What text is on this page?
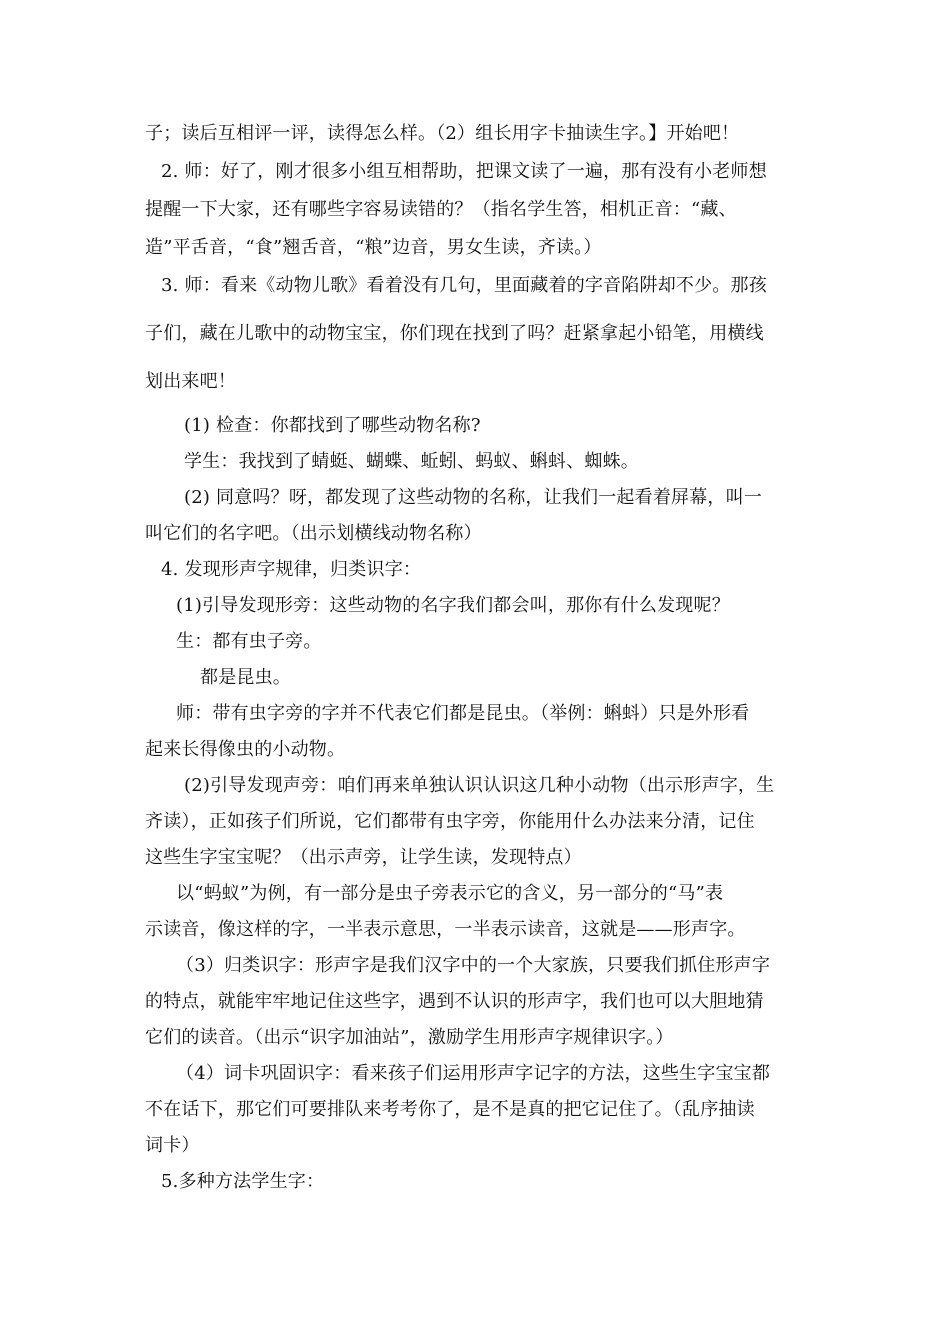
子；读后互相评一评，读得怎么样。（2）组长用字卡抽读生字。】开始吧！
2. 师：好了，刚才很多小组互相帮助，把课文读了一遍，那有没有小老师想
提醒一下大家，还有哪些字容易读错的？（指名学生答，相机正音：“藏、
造”平舌音，“食”翘舌音，“粮”边音，男女生读，齐读。）
3. 师：看来《动物儿歌》看着没有几句，里面藏着的字音陷阱却不少。那孩
子们，藏在儿歌中的动物宝宝，你们现在找到了吗？赶紧拿起小铅笔，用横线
划出来吧！
(1) 检查：你都找到了哪些动物名称?
学生：我找到了蜻蜓、蝴蝶、蚯蚓、蚂蚁、蝌蚪、蜘蛛。
(2) 同意吗？呀，都发现了这些动物的名称，让我们一起看着屏幕，叫一
叫它们的名字吧。（出示划横线动物名称）
4. 发现形声字规律，归类识字：
(1)引导发现形旁：这些动物的名字我们都会叫，那你有什么发现呢？
生：都有虫子旁。
都是昆虫。
师：带有虫字旁的字并不代表它们都是昆虫。（举例：蝌蚪）只是外形看
起来长得像虫的小动物。
(2)引导发现声旁：咱们再来单独认识认识这几种小动物（出示形声字，生
齐读），正如孩子们所说，它们都带有虫字旁，你能用什么办法来分清，记住
这些生字宝宝呢？（出示声旁，让学生读，发现特点）
以“蚂蚁”为例，有一部分是虫子旁表示它的含义，另一部分的“马”表
示读音，像这样的字，一半表示意思，一半表示读音，这就是——形声字。
（3）归类识字：形声字是我们汉字中的一个大家族，只要我们抓住形声字
的特点，就能牢牢地记住这些字，遇到不认识的形声字，我们也可以大胆地猜
它们的读音。（出示“识字加油站”，激励学生用形声字规律识字。）
（4）词卡巩固识字：看来孩子们运用形声字记字的方法，这些生字宝宝都
不在话下，那它们可要排队来考考你了，是不是真的把它记住了。（乱序抽读
词卡）
5.多种方法学生字：
